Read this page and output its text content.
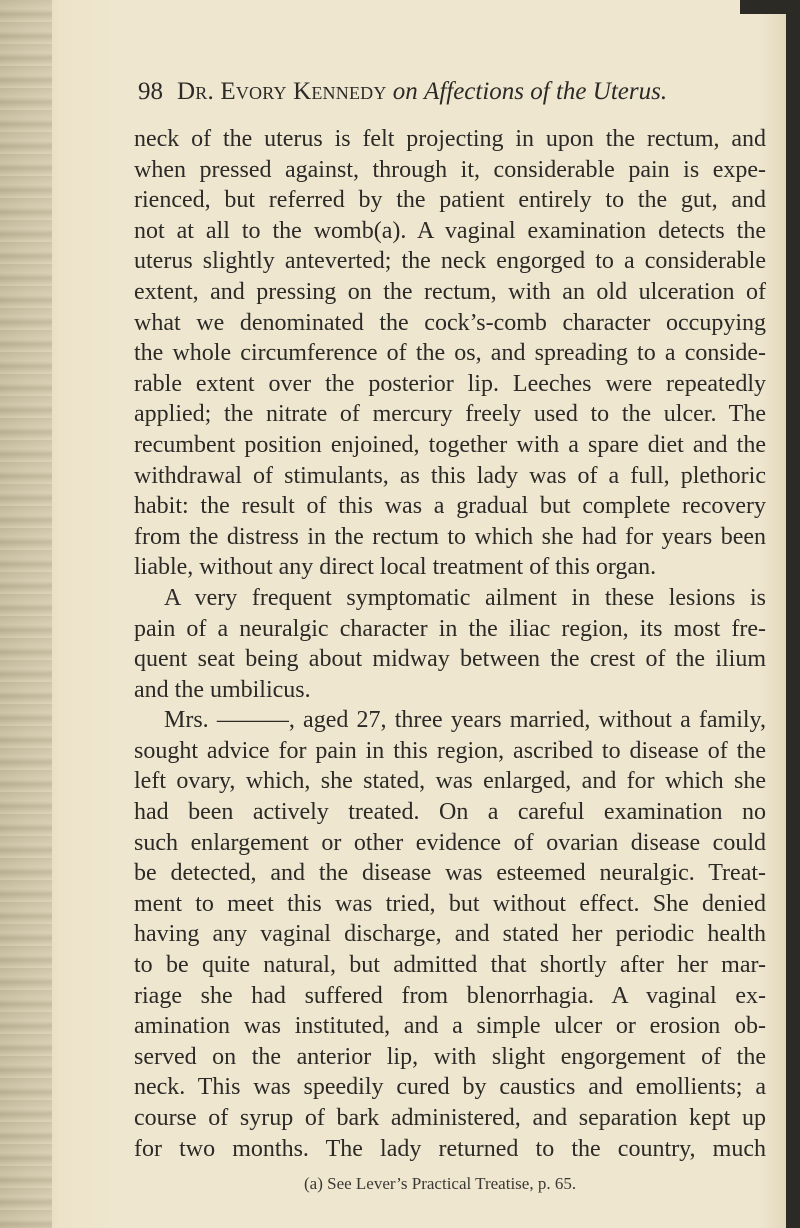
98 Dr. Evory Kennedy on Affections of the Uterus.
neck of the uterus is felt projecting in upon the rectum, and
when pressed against, through it, considerable pain is expe-
rienced, but referred by the patient entirely to the gut, and
not at all to the womb(a). A vaginal examination detects the
uterus slightly anteverted; the neck engorged to a considerable
extent, and pressing on the rectum, with an old ulceration of
what we denominated the cock’s-comb character occupying
the whole circumference of the os, and spreading to a conside-
rable extent over the posterior lip. Leeches were repeatedly
applied; the nitrate of mercury freely used to the ulcer. The
recumbent position enjoined, together with a spare diet and the
withdrawal of stimulants, as this lady was of a full, plethoric
habit: the result of this was a gradual but complete recovery
from the distress in the rectum to which she had for years been
liable, without any direct local treatment of this organ.
A very frequent symptomatic ailment in these lesions is
pain of a neuralgic character in the iliac region, its most fre-
quent seat being about midway between the crest of the ilium
and the umbilicus.
Mrs. ———, aged 27, three years married, without a family,
sought advice for pain in this region, ascribed to disease of the
left ovary, which, she stated, was enlarged, and for which she
had been actively treated. On a careful examination no
such enlargement or other evidence of ovarian disease could
be detected, and the disease was esteemed neuralgic. Treat-
ment to meet this was tried, but without effect. She denied
having any vaginal discharge, and stated her periodic health
to be quite natural, but admitted that shortly after her mar-
riage she had suffered from blenorrhagia. A vaginal ex-
amination was instituted, and a simple ulcer or erosion ob-
served on the anterior lip, with slight engorgement of the
neck. This was speedily cured by caustics and emollients; a
course of syrup of bark administered, and separation kept up
for two months. The lady returned to the country, much
(a) See Lever’s Practical Treatise, p. 65.
